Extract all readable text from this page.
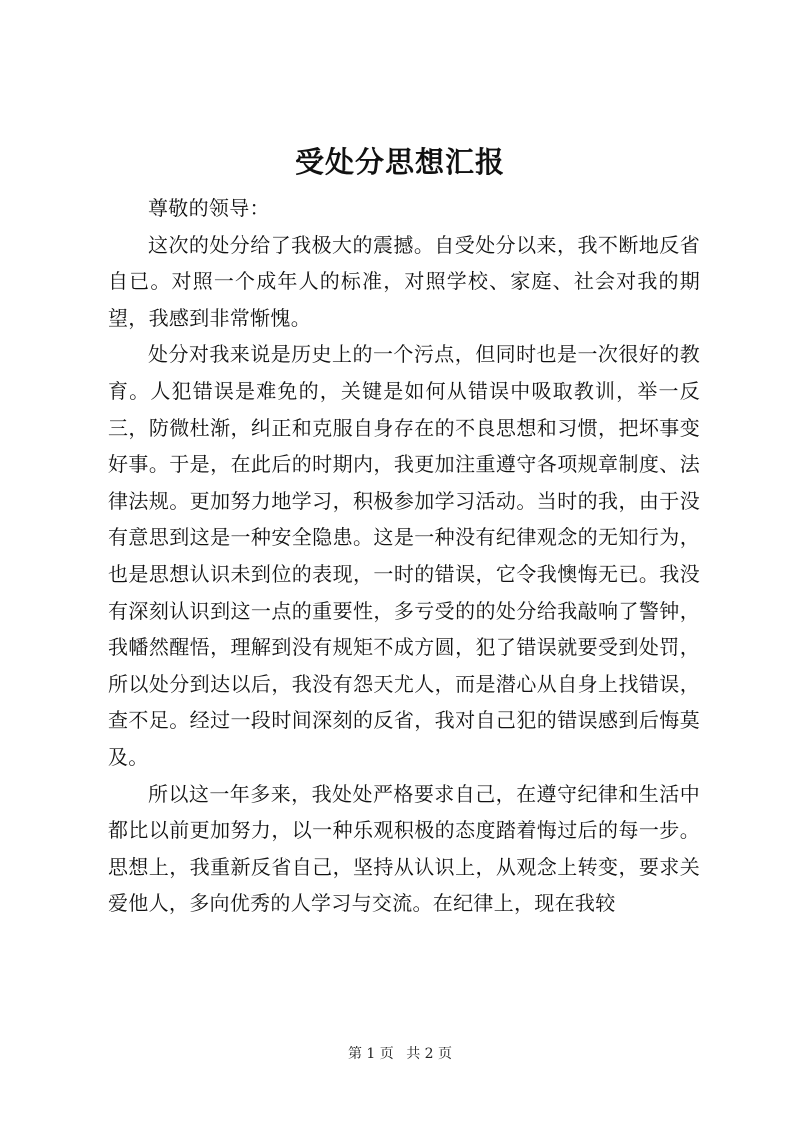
受处分思想汇报

尊敬的领导：

这次的处分给了我极大的震撼。自受处分以来，我不断地反省自已。对照一个成年人的标准，对照学校、家庭、社会对我的期望，我感到非常惭愧。

处分对我来说是历史上的一个污点，但同时也是一次很好的教育。人犯错误是难免的，关键是如何从错误中吸取教训，举一反三，防微杜渐，纠正和克服自身存在的不良思想和习惯，把坏事变好事。于是，在此后的时期内，我更加注重遵守各项规章制度、法律法规。更加努力地学习，积极参加学习活动。当时的我，由于没有意思到这是一种安全隐患。这是一种没有纪律观念的无知行为，也是思想认识未到位的表现，一时的错误，它令我懊悔无已。我没有深刻认识到这一点的重要性，多亏受的的处分给我敲响了警钟，我幡然醒悟，理解到没有规矩不成方圆，犯了错误就要受到处罚，所以处分到达以后，我没有怨天尤人，而是潜心从自身上找错误，查不足。经过一段时间深刻的反省，我对自己犯的错误感到后悔莫及。

所以这一年多来，我处处严格要求自己，在遵守纪律和生活中都比以前更加努力，以一种乐观积极的态度踏着悔过后的每一步。思想上，我重新反省自己，坚持从认识上，从观念上转变，要求关爱他人，多向优秀的人学习与交流。在纪律上，现在我较

第 1 页 共 2 页
